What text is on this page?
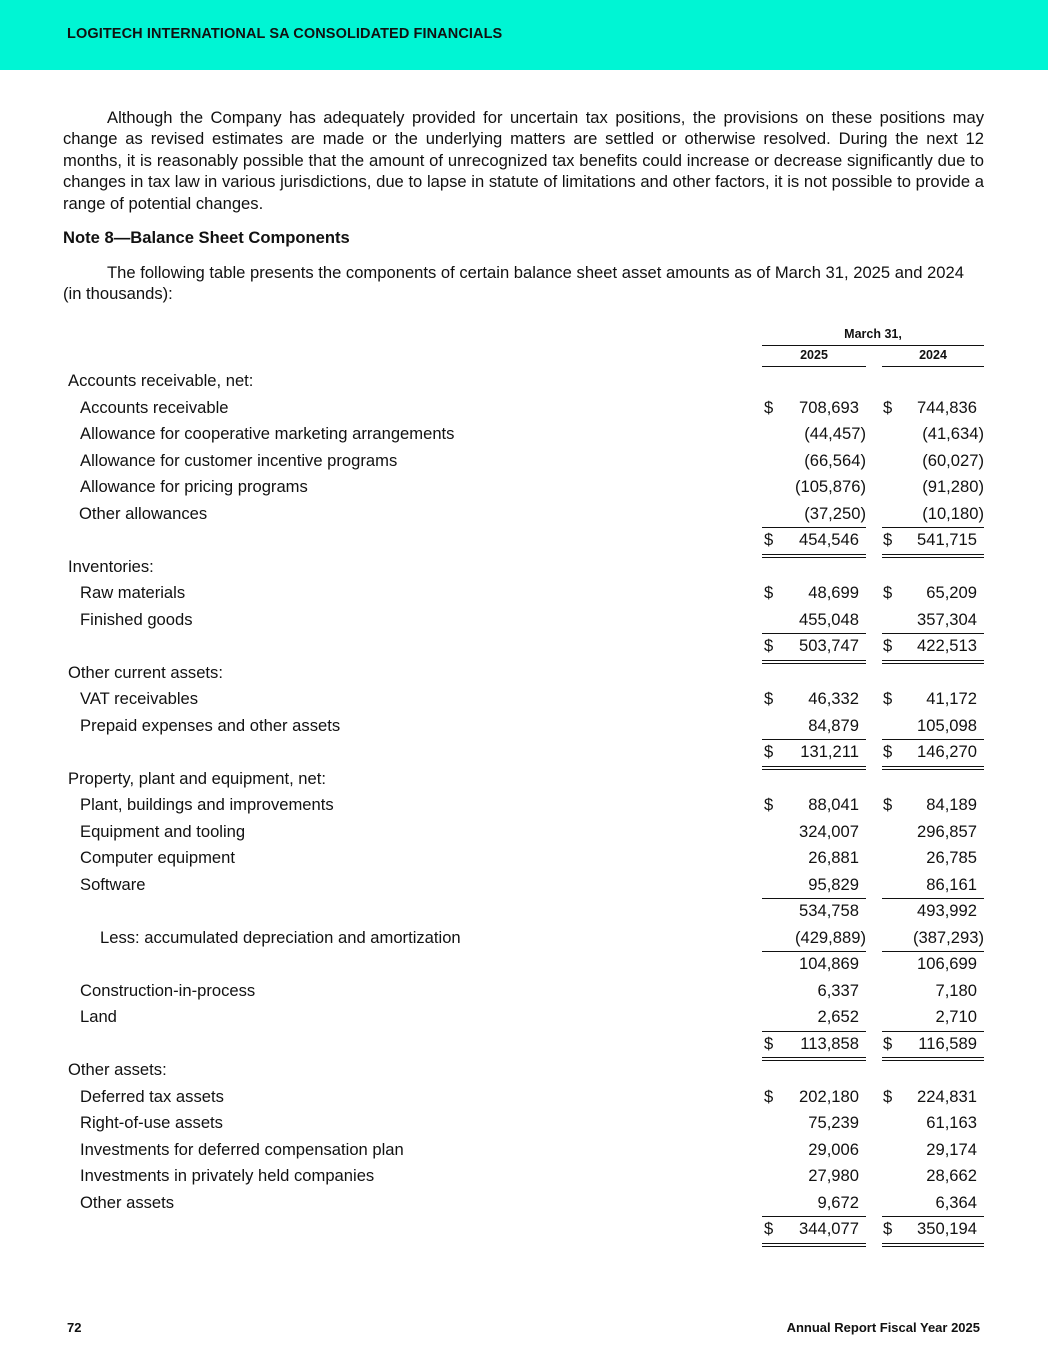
LOGITECH INTERNATIONAL SA CONSOLIDATED FINANCIALS

Although the Company has adequately provided for uncertain tax positions, the provisions on these positions may change as revised estimates are made or the underlying matters are settled or otherwise resolved. During the next 12 months, it is reasonably possible that the amount of unrecognized tax benefits could increase or decrease significantly due to changes in tax law in various jurisdictions, due to lapse in statute of limitations and other factors, it is not possible to provide a range of potential changes.

Note 8—Balance Sheet Components

The following table presents the components of certain balance sheet asset amounts as of March 31, 2025 and 2024 (in thousands):

March 31,
2025	2024
Accounts receivable, net:
Accounts receivable	$	708,693 $	744,836
Allowance for cooperative marketing arrangements	(44,457)	(41,634)
Allowance for customer incentive programs	(66,564)	(60,027)
Allowance for pricing programs	(105,876)	(91,280)
Other allowances	(37,250)	(10,180)
$	454,546 $	541,715
Inventories:
Raw materials	$	48,699 $	65,209
Finished goods	455,048	357,304
$	503,747 $	422,513
Other current assets:
VAT receivables	$	46,332 $	41,172
Prepaid expenses and other assets	84,879	105,098
$	131,211 $	146,270
Property, plant and equipment, net:
Plant, buildings and improvements	$	88,041 $	84,189
Equipment and tooling	324,007	296,857
Computer equipment	26,881	26,785
Software	95,829	86,161
534,758	493,992
Less: accumulated depreciation and amortization	(429,889)	(387,293)
104,869	106,699
Construction-in-process	6,337	7,180
Land	2,652	2,710
$	113,858 $	116,589
Other assets:
Deferred tax assets	$	202,180 $	224,831
Right-of-use assets	75,239	61,163
Investments for deferred compensation plan	29,006	29,174
Investments in privately held companies	27,980	28,662
Other assets	9,672	6,364
$	344,077 $	350,194
72	Annual Report Fiscal Year 2025
